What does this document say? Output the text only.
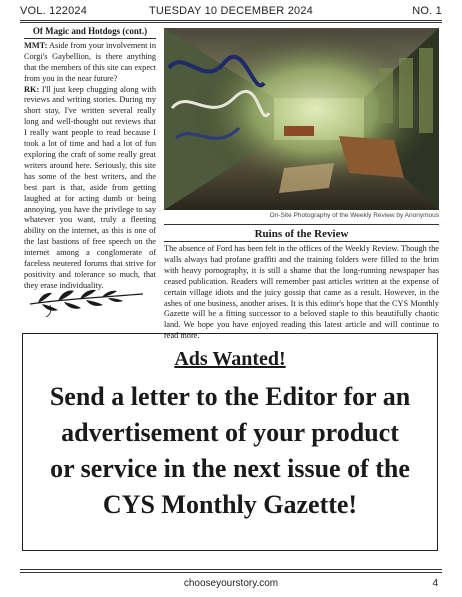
VOL. 122024	TUESDAY 10 DECEMBER 2024	NO. 1
Of Magic and Hotdogs (cont.)

MMT: Aside from your involvement in Corgi's Gaybellion, is there anything that the members of this site can expect from you in the near future?

RK: I'll just keep chugging along with reviews and writing stories. During my short stay, I've written several really long and well-thought out reviews that I really want people to read because I took a lot of time and had a lot of fun exploring the craft of some really great writers around here. Seriously, this site has some of the best writers, and the best part is that, aside from getting laughed at for acting dumb or being annoying, you have the privilege to say whatever you want, truly a fleeting ability on the internet, as this is one of the last bastions of free speech on the internet among a conglomerate of faceless neutered forums that strive for positivity and tolerance so much, that they erase individuality.

On-Site Photography of the Weekly Review by Anonymous
Ruins of the Review

The absence of Ford has been felt in the offices of the Weekly Review. Though the walls always had profane graffiti and the training folders were filled to the brim with heavy pornography, it is still a shame that the long-running newspaper has ceased publication. Readers will remember past articles written at the expense of certain village idiots and the juicy gossip that came as a result. However, in the ashes of one business, another arises. It is this editor's hope that the CYS Monthly Gazette will be a fitting successor to a beloved staple to this beautifully chaotic land. We hope you have enjoyed reading this latest article and will continue to read more.

Ads Wanted!
Send a letter to the Editor for an
advertisement of your product
or service in the next issue of the
CYS Monthly Gazette!
chooseyourstory.com	4
